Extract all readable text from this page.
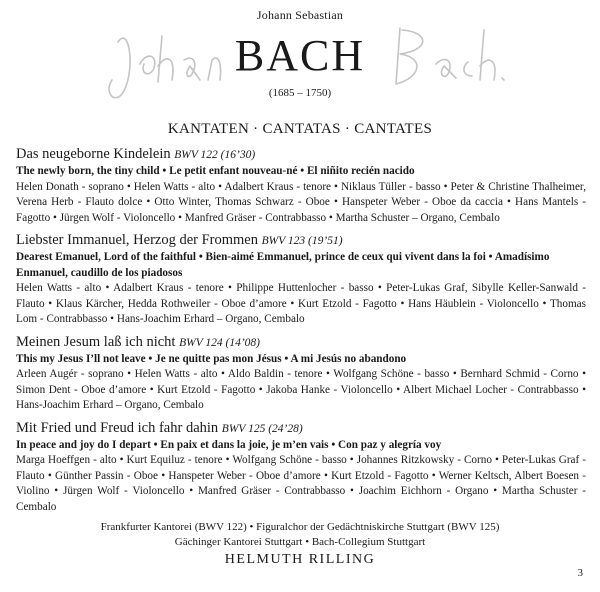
Johann Sebastian
BACH
(1685 – 1750)
KANTATEN · CANTATAS · CANTATES
Das neugeborne Kindelein BWV 122 (16’30)
The newly born, the tiny child • Le petit enfant nouveau-né • El niñito recién nacido
Helen Donath - soprano • Helen Watts - alto • Adalbert Kraus - tenore • Niklaus Tüller - basso • Peter & Christine Thalheimer, Verena Herb - Flauto dolce • Otto Winter, Thomas Schwarz - Oboe • Hanspeter Weber - Oboe da caccia • Hans Mantels - Fagotto • Jürgen Wolf - Violoncello • Manfred Gräser - Contrabbasso • Martha Schuster – Organo, Cembalo
Liebster Immanuel, Herzog der Frommen BWV 123 (19’51)
Dearest Emanuel, Lord of the faithful • Bien-aimé Emmanuel, prince de ceux qui vivent dans la foi • Amadísimo Enmanuel, caudillo de los piadosos
Helen Watts - alto • Adalbert Kraus - tenore • Philippe Huttenlocher - basso • Peter-Lukas Graf, Sibylle Keller-Sanwald - Flauto • Klaus Kärcher, Hedda Rothweiler - Oboe d’amore • Kurt Etzold - Fagotto • Hans Häublein - Violoncello • Thomas Lom - Contrabbasso • Hans-Joachim Erhard – Organo, Cembalo
Meinen Jesum laß ich nicht BWV 124 (14’08)
This my Jesus I’ll not leave • Je ne quitte pas mon Jésus • A mi Jesús no abandono
Arleen Augér - soprano • Helen Watts - alto • Aldo Baldin - tenore • Wolfgang Schöne - basso • Bernhard Schmid - Corno • Simon Dent - Oboe d’amore • Kurt Etzold - Fagotto • Jakoba Hanke - Violoncello • Albert Michael Locher - Contrabbasso • Hans-Joachim Erhard – Organo, Cembalo
Mit Fried und Freud ich fahr dahin BWV 125 (24’28)
In peace and joy do I depart • En paix et dans la joie, je m’en vais • Con paz y alegría voy
Marga Hoeffgen - alto • Kurt Equiluz - tenore • Wolfgang Schöne - basso • Johannes Ritzkowsky - Corno • Peter-Lukas Graf - Flauto • Günther Passin - Oboe • Hanspeter Weber - Oboe d’amore • Kurt Etzold - Fagotto • Werner Keltsch, Albert Boesen - Violino • Jürgen Wolf - Violoncello • Manfred Gräser - Contrabbasso • Joachim Eichhorn - Organo • Martha Schuster - Cembalo
Frankfurter Kantorei (BWV 122) • Figuralchor der Gedächtniskirche Stuttgart (BWV 125)
Gächinger Kantorei Stuttgart • Bach-Collegium Stuttgart
HELMUTH RILLING
3
